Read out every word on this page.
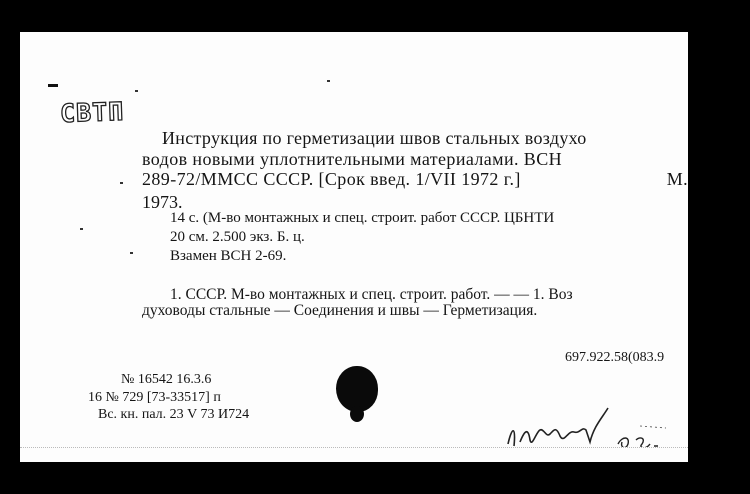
СВТП
Инструкция по герметизации швов стальных воздухо
водов новыми уплотнительными материалами. ВСН
289-72/ММСС СССР. [Срок введ. 1/VII 1972 г.]	М.
1973.
14 с. (М-во монтажных и спец. строит. работ СССР. ЦБНТИ
20 см. 2.500 экз. Б. ц.
Взамен ВСН 2-69.
1. СССР. М-во монтажных и спец. строит. работ. — — 1. Воз
духоводы стальные — Соединения и швы — Герметизация.
697.922.58(083.9
№ 16542 16.3.6
16 № 729 [73-33517] п
Вс. кн. пал. 23 V 73 И724
